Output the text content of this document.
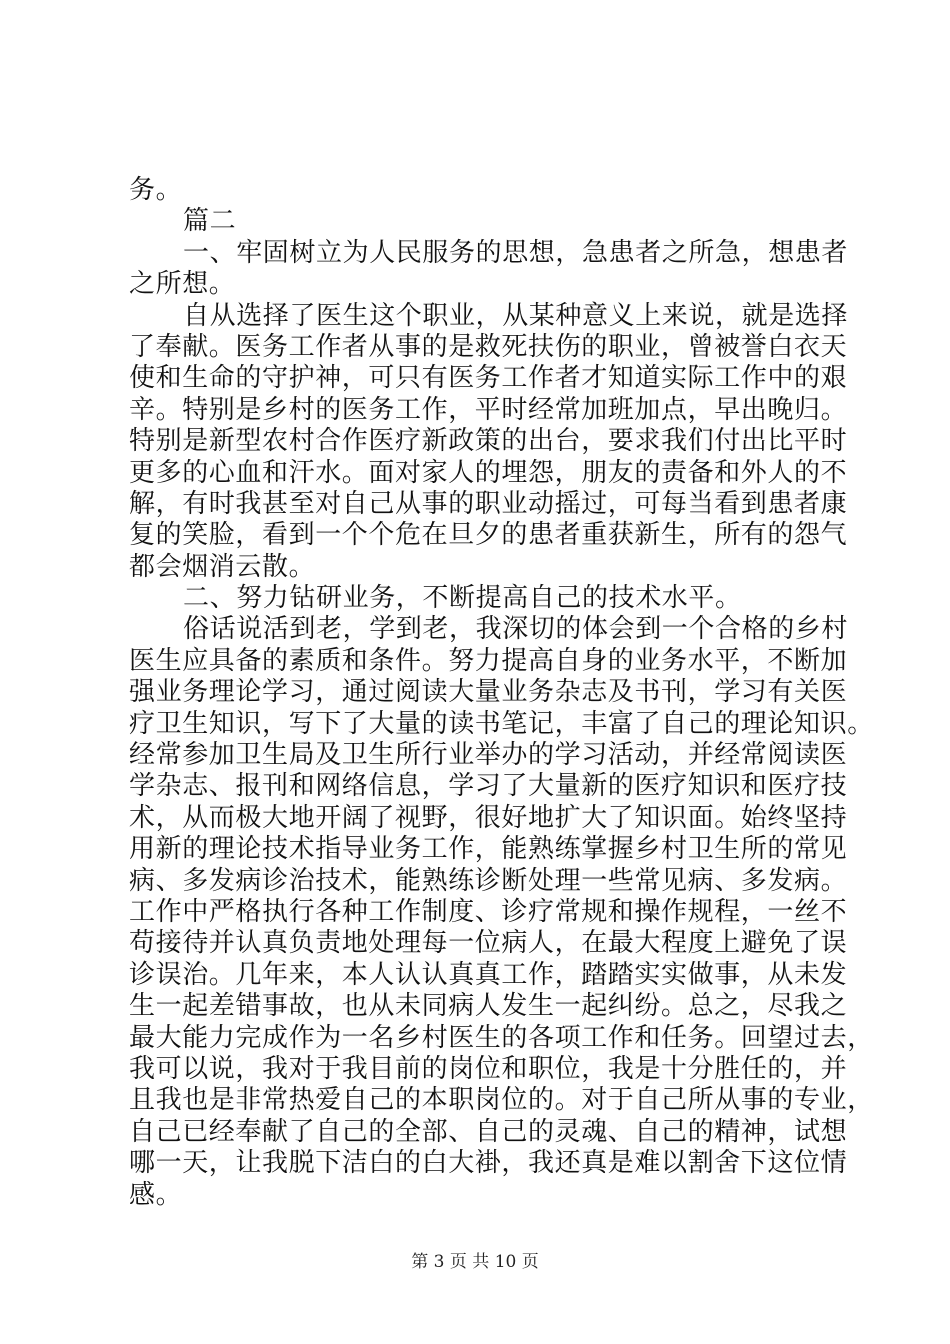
务。
篇二
一、牢固树立为人民服务的思想，急患者之所急，想患者
之所想。
自从选择了医生这个职业，从某种意义上来说，就是选择
了奉献。医务工作者从事的是救死扶伤的职业，曾被誉白衣天
使和生命的守护神，可只有医务工作者才知道实际工作中的艰
辛。特别是乡村的医务工作，平时经常加班加点，早出晚归。
特别是新型农村合作医疗新政策的出台，要求我们付出比平时
更多的心血和汗水。面对家人的埋怨，朋友的责备和外人的不
解，有时我甚至对自己从事的职业动摇过，可每当看到患者康
复的笑脸，看到一个个危在旦夕的患者重获新生，所有的怨气
都会烟消云散。
二、努力钻研业务，不断提高自己的技术水平。
俗话说活到老，学到老，我深切的体会到一个合格的乡村
医生应具备的素质和条件。努力提高自身的业务水平，不断加
强业务理论学习，通过阅读大量业务杂志及书刊，学习有关医
疗卫生知识，写下了大量的读书笔记，丰富了自己的理论知识。
经常参加卫生局及卫生所行业举办的学习活动，并经常阅读医
学杂志、报刊和网络信息，学习了大量新的医疗知识和医疗技
术，从而极大地开阔了视野，很好地扩大了知识面。始终坚持
用新的理论技术指导业务工作，能熟练掌握乡村卫生所的常见
病、多发病诊治技术，能熟练诊断处理一些常见病、多发病。
工作中严格执行各种工作制度、诊疗常规和操作规程，一丝不
苟接待并认真负责地处理每一位病人，在最大程度上避免了误
诊误治。几年来，本人认认真真工作，踏踏实实做事，从未发
生一起差错事故，也从未同病人发生一起纠纷。总之，尽我之
最大能力完成作为一名乡村医生的各项工作和任务。回望过去，
我可以说，我对于我目前的岗位和职位，我是十分胜任的，并
且我也是非常热爱自己的本职岗位的。对于自己所从事的专业，
自己已经奉献了自己的全部、自己的灵魂、自己的精神，试想
哪一天，让我脱下洁白的白大褂，我还真是难以割舍下这位情
感。
第 3 页 共 10 页
